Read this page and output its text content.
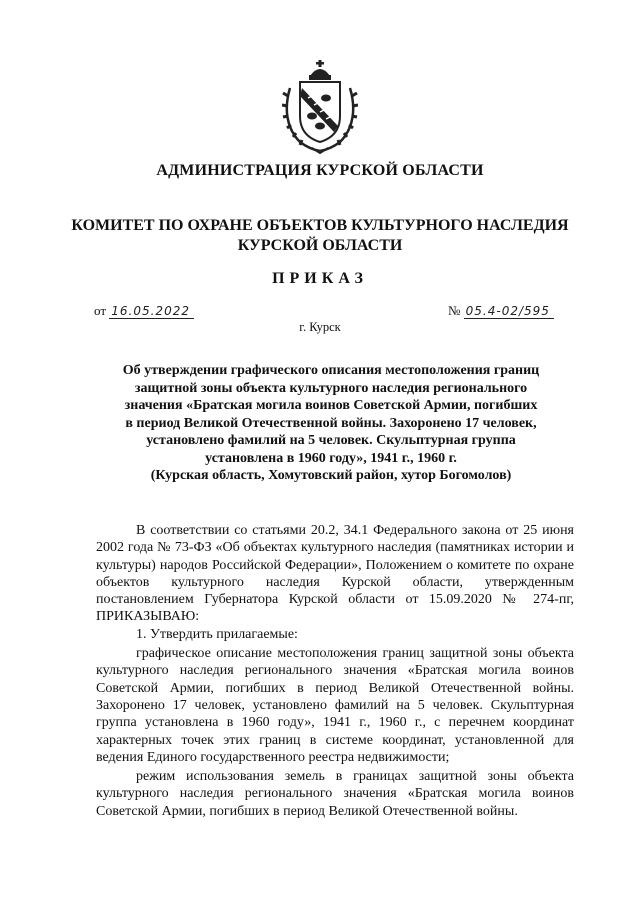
АДМИНИСТРАЦИЯ КУРСКОЙ ОБЛАСТИ
КОМИТЕТ ПО ОХРАНЕ ОБЪЕКТОВ КУЛЬТУРНОГО НАСЛЕДИЯ
КУРСКОЙ ОБЛАСТИ
ПРИКАЗ
от 16.05.2022	№ 05.4-02/595
г. Курск
Об утверждении графического описания местоположения границ
защитной зоны объекта культурного наследия регионального
значения «Братская могила воинов Советской Армии, погибших
в период Великой Отечественной войны. Захоронено 17 человек,
установлено фамилий на 5 человек. Скульптурная группа
установлена в 1960 году», 1941 г., 1960 г.
(Курская область, Хомутовский район, хутор Богомолов)

В соответствии со статьями 20.2, 34.1 Федерального закона от 25 июня 2002 года № 73-ФЗ «Об объектах культурного наследия (памятниках истории и культуры) народов Российской Федерации», Положением о комитете по охране объектов культурного наследия Курской области, утвержденным постановлением Губернатора Курской области от 15.09.2020 № 274-пг, ПРИКАЗЫВАЮ:

1. Утвердить прилагаемые:

графическое описание местоположения границ защитной зоны объекта культурного наследия регионального значения «Братская могила воинов Советской Армии, погибших в период Великой Отечественной войны. Захоронено 17 человек, установлено фамилий на 5 человек. Скульптурная группа установлена в 1960 году», 1941 г., 1960 г., с перечнем координат характерных точек этих границ в системе координат, установленной для ведения Единого государственного реестра недвижимости;

режим использования земель в границах защитной зоны объекта культурного наследия регионального значения «Братская могила воинов Советской Армии, погибших в период Великой Отечественной войны.
